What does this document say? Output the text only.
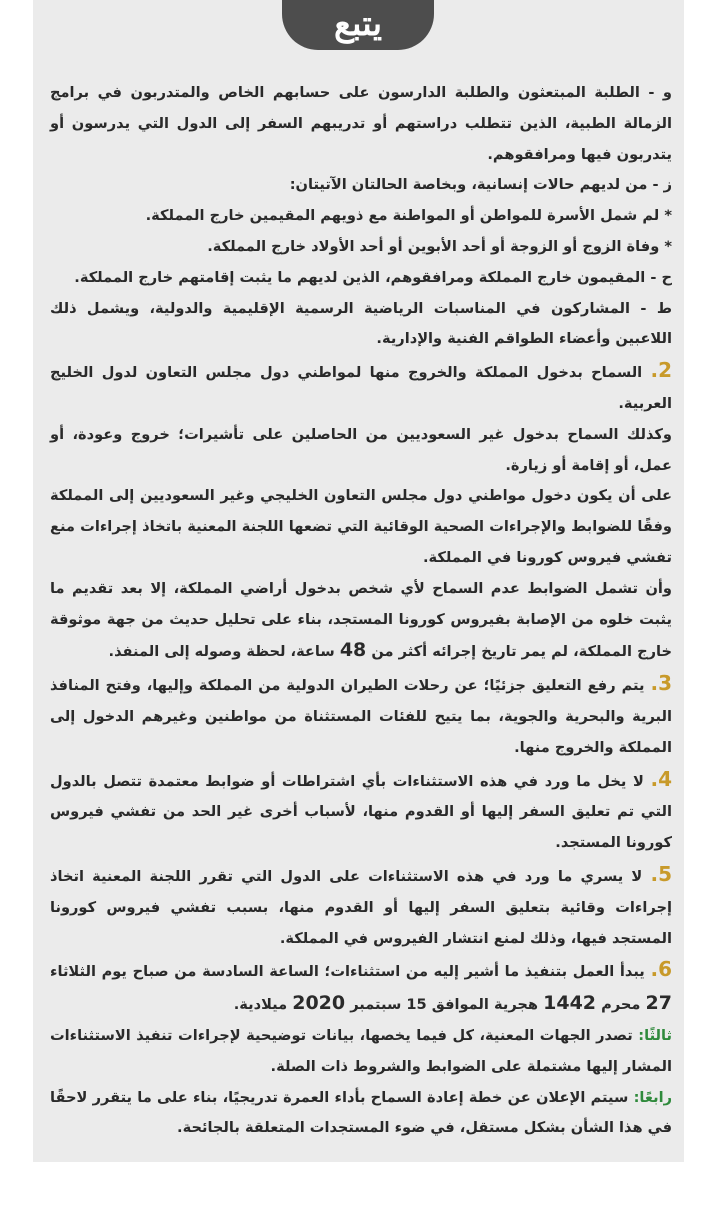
يتبع

و - الطلبة المبتعثون والطلبة الدارسون على حسابهم الخاص والمتدربون في برامج الزمالة الطبية، الذين تتطلب دراستهم أو تدريبهم السفر إلى الدول التي يدرسون أو يتدربون فيها ومرافقوهم.

ز - من لديهم حالات إنسانية، وبخاصة الحالتان الآتيتان:

* لم شمل الأسرة للمواطن أو المواطنة مع ذويهم المقيمين خارج المملكة.

* وفاة الزوج أو الزوجة أو أحد الأبوين أو أحد الأولاد خارج المملكة.

ح - المقيمون خارج المملكة ومرافقوهم، الذين لديهم ما يثبت إقامتهم خارج المملكة.

ط - المشاركون في المناسبات الرياضية الرسمية الإقليمية والدولية، ويشمل ذلك اللاعبين وأعضاء الطواقم الفنية والإدارية.

2. السماح بدخول المملكة والخروج منها لمواطني دول مجلس التعاون لدول الخليج العربية.

وكذلك السماح بدخول غير السعوديين من الحاصلين على تأشيرات؛ خروج وعودة، أو عمل، أو إقامة أو زيارة.

على أن يكون دخول مواطني دول مجلس التعاون الخليجي وغير السعوديين إلى المملكة وفقًا للضوابط والإجراءات الصحية الوقائية التي تضعها اللجنة المعنية باتخاذ إجراءات منع تفشي فيروس كورونا في المملكة.

وأن تشمل الضوابط عدم السماح لأي شخص بدخول أراضي المملكة، إلا بعد تقديم ما يثبت خلوه من الإصابة بفيروس كورونا المستجد، بناء على تحليل حديث من جهة موثوقة خارج المملكة، لم يمر تاريخ إجرائه أكثر من 48 ساعة، لحظة وصوله إلى المنفذ.

3. يتم رفع التعليق جزئيًا؛ عن رحلات الطيران الدولية من المملكة وإليها، وفتح المنافذ البرية والبحرية والجوية، بما يتيح للفئات المستثناة من مواطنين وغيرهم الدخول إلى المملكة والخروج منها.

4. لا يخل ما ورد في هذه الاستثناءات بأي اشتراطات أو ضوابط معتمدة تتصل بالدول التي تم تعليق السفر إليها أو القدوم منها، لأسباب أخرى غير الحد من تفشي فيروس كورونا المستجد.

5. لا يسري ما ورد في هذه الاستثناءات على الدول التي تقرر اللجنة المعنية اتخاذ إجراءات وقائية بتعليق السفر إليها أو القدوم منها، بسبب تفشي فيروس كورونا المستجد فيها، وذلك لمنع انتشار الفيروس في المملكة.

6. يبدأ العمل بتنفيذ ما أشير إليه من استثناءات؛ الساعة السادسة من صباح يوم الثلاثاء 27 محرم 1442 هجرية الموافق 15 سبتمبر 2020 ميلادية.

ثالثًا: تصدر الجهات المعنية، كل فيما يخصها، بيانات توضيحية لإجراءات تنفيذ الاستثناءات المشار إليها مشتملة على الضوابط والشروط ذات الصلة.

رابعًا: سيتم الإعلان عن خطة إعادة السماح بأداء العمرة تدريجيًا، بناء على ما يتقرر لاحقًا في هذا الشأن بشكل مستقل، في ضوء المستجدات المتعلقة بالجائحة.
